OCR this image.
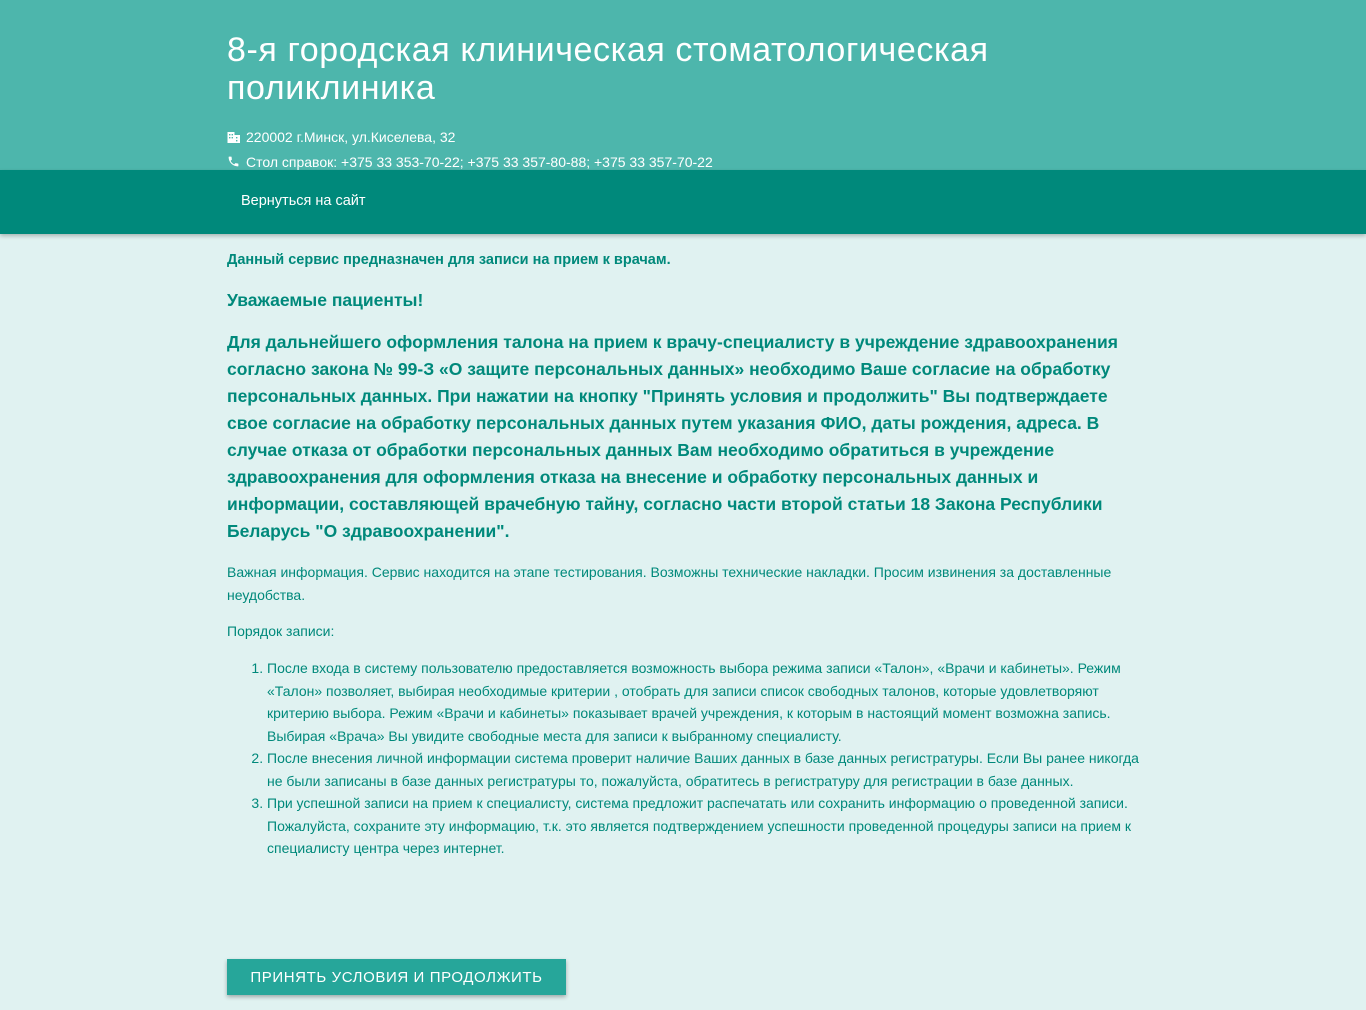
8-я городская клиническая стоматологическая поликлиника
220002 г.Минск, ул.Киселева, 32
Стол справок: +375 33 353-70-22; +375 33 357-80-88; +375 33 357-70-22
Вернуться на сайт

Данный сервис предназначен для записи на прием к врачам.

Уважаемые пациенты!
Для дальнейшего оформления талона на прием к врачу-специалисту в учреждение здравоохранения согласно закона № 99-З «О защите персональных данных» необходимо Ваше согласие на обработку персональных данных. При нажатии на кнопку "Принять условия и продолжить" Вы подтверждаете свое согласие на обработку персональных данных путем указания ФИО, даты рождения, адреса. В случае отказа от обработки персональных данных Вам необходимо обратиться в учреждение здравоохранения для оформления отказа на внесение и обработку персональных данных и информации, составляющей врачебную тайну, согласно части второй статьи 18 Закона Республики Беларусь "О здравоохранении".

Важная информация. Сервис находится на этапе тестирования. Возможны технические накладки. Просим извинения за доставленные неудобства.

Порядок записи:

1. После входа в систему пользователю предоставляется возможность выбора режима записи «Талон», «Врачи и кабинеты». Режим «Талон» позволяет, выбирая необходимые критерии , отобрать для записи список свободных талонов, которые удовлетворяют критерию выбора. Режим «Врачи и кабинеты» показывает врачей учреждения, к которым в настоящий момент возможна запись. Выбирая «Врача» Вы увидите свободные места для записи к выбранному специалисту.
2. После внесения личной информации система проверит наличие Ваших данных в базе данных регистратуры. Если Вы ранее никогда не были записаны в базе данных регистратуры то, пожалуйста, обратитесь в регистратуру для регистрации в базе данных.
3. При успешной записи на прием к специалисту, система предложит распечатать или сохранить информацию о проведенной записи. Пожалуйста, сохраните эту информацию, т.к. это является подтверждением успешности проведенной процедуры записи на прием к специалисту центра через интернет.
ПРИНЯТЬ УСЛОВИЯ И ПРОДОЛЖИТЬ
